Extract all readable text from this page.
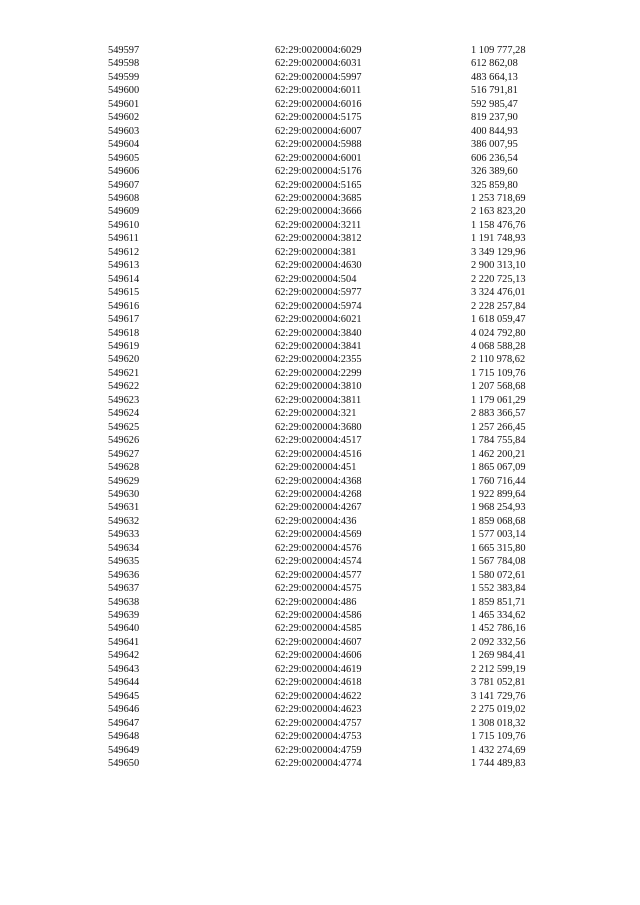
549597	62:29:0020004:6029	1 109 777,28
549598	62:29:0020004:6031	612 862,08
549599	62:29:0020004:5997	483 664,13
549600	62:29:0020004:6011	516 791,81
549601	62:29:0020004:6016	592 985,47
549602	62:29:0020004:5175	819 237,90
549603	62:29:0020004:6007	400 844,93
549604	62:29:0020004:5988	386 007,95
549605	62:29:0020004:6001	606 236,54
549606	62:29:0020004:5176	326 389,60
549607	62:29:0020004:5165	325 859,80
549608	62:29:0020004:3685	1 253 718,69
549609	62:29:0020004:3666	2 163 823,20
549610	62:29:0020004:3211	1 158 476,76
549611	62:29:0020004:3812	1 191 748,93
549612	62:29:0020004:381	3 349 129,96
549613	62:29:0020004:4630	2 900 313,10
549614	62:29:0020004:504	2 220 725,13
549615	62:29:0020004:5977	3 324 476,01
549616	62:29:0020004:5974	2 228 257,84
549617	62:29:0020004:6021	1 618 059,47
549618	62:29:0020004:3840	4 024 792,80
549619	62:29:0020004:3841	4 068 588,28
549620	62:29:0020004:2355	2 110 978,62
549621	62:29:0020004:2299	1 715 109,76
549622	62:29:0020004:3810	1 207 568,68
549623	62:29:0020004:3811	1 179 061,29
549624	62:29:0020004:321	2 883 366,57
549625	62:29:0020004:3680	1 257 266,45
549626	62:29:0020004:4517	1 784 755,84
549627	62:29:0020004:4516	1 462 200,21
549628	62:29:0020004:451	1 865 067,09
549629	62:29:0020004:4368	1 760 716,44
549630	62:29:0020004:4268	1 922 899,64
549631	62:29:0020004:4267	1 968 254,93
549632	62:29:0020004:436	1 859 068,68
549633	62:29:0020004:4569	1 577 003,14
549634	62:29:0020004:4576	1 665 315,80
549635	62:29:0020004:4574	1 567 784,08
549636	62:29:0020004:4577	1 580 072,61
549637	62:29:0020004:4575	1 552 383,84
549638	62:29:0020004:486	1 859 851,71
549639	62:29:0020004:4586	1 465 334,62
549640	62:29:0020004:4585	1 452 786,16
549641	62:29:0020004:4607	2 092 332,56
549642	62:29:0020004:4606	1 269 984,41
549643	62:29:0020004:4619	2 212 599,19
549644	62:29:0020004:4618	3 781 052,81
549645	62:29:0020004:4622	3 141 729,76
549646	62:29:0020004:4623	2 275 019,02
549647	62:29:0020004:4757	1 308 018,32
549648	62:29:0020004:4753	1 715 109,76
549649	62:29:0020004:4759	1 432 274,69
549650	62:29:0020004:4774	1 744 489,83
